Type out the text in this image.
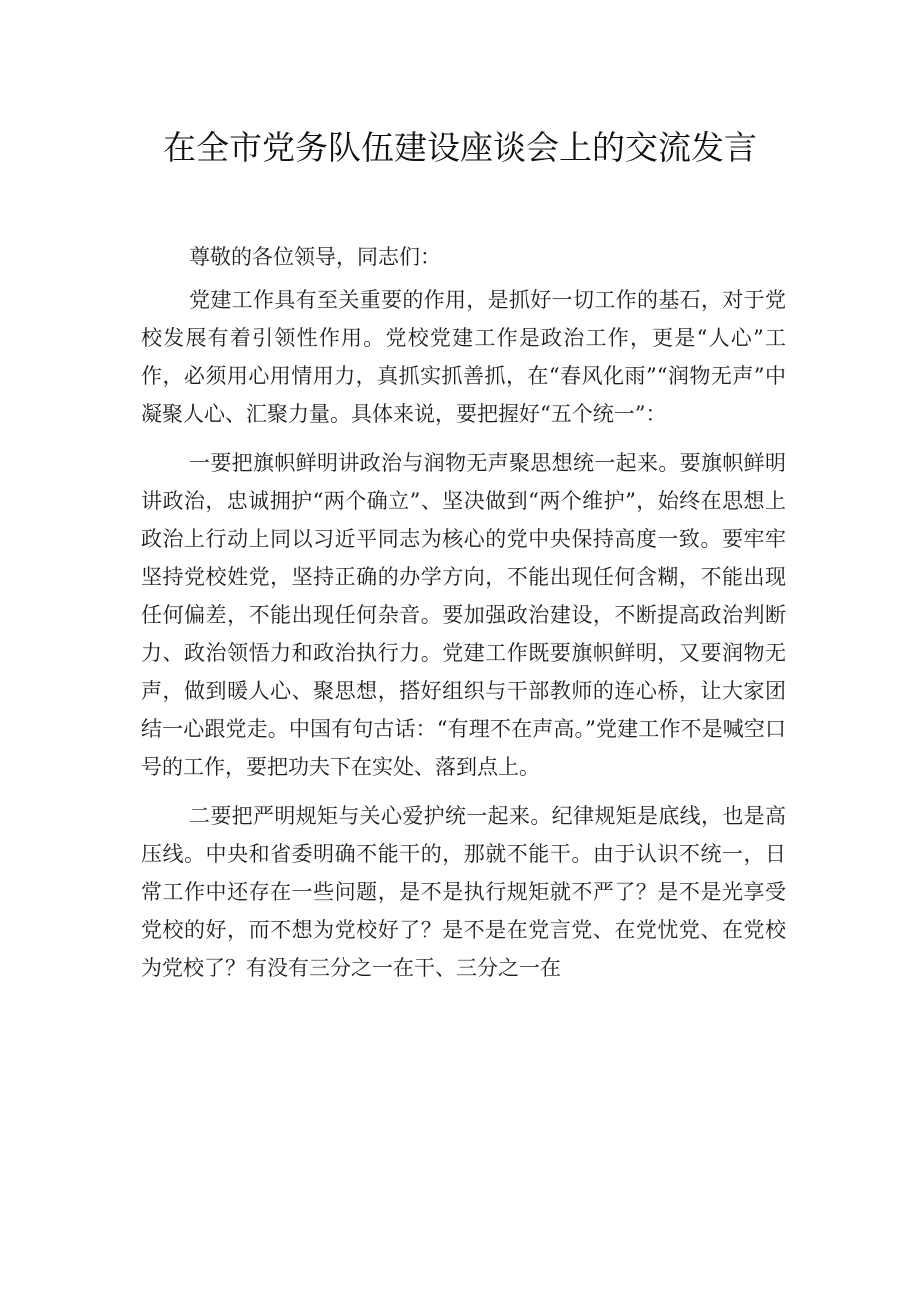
在全市党务队伍建设座谈会上的交流发言

尊敬的各位领导，同志们：

党建工作具有至关重要的作用，是抓好一切工作的基石，对于党校发展有着引领性作用。党校党建工作是政治工作，更是“人心”工作，必须用心用情用力，真抓实抓善抓，在“春风化雨”“润物无声”中凝聚人心、汇聚力量。具体来说，要把握好“五个统一”：

一要把旗帜鲜明讲政治与润物无声聚思想统一起来。要旗帜鲜明讲政治，忠诚拥护“两个确立”、坚决做到“两个维护”，始终在思想上政治上行动上同以习近平同志为核心的党中央保持高度一致。要牢牢坚持党校姓党，坚持正确的办学方向，不能出现任何含糊，不能出现任何偏差，不能出现任何杂音。要加强政治建设，不断提高政治判断力、政治领悟力和政治执行力。党建工作既要旗帜鲜明，又要润物无声，做到暖人心、聚思想，搭好组织与干部教师的连心桥，让大家团结一心跟党走。中国有句古话：“有理不在声高。”党建工作不是喊空口号的工作，要把功夫下在实处、落到点上。

二要把严明规矩与关心爱护统一起来。纪律规矩是底线，也是高压线。中央和省委明确不能干的，那就不能干。由于认识不统一，日常工作中还存在一些问题，是不是执行规矩就不严了？是不是光享受党校的好，而不想为党校好了？是不是在党言党、在党忧党、在党校为党校了？有没有三分之一在干、三分之一在
